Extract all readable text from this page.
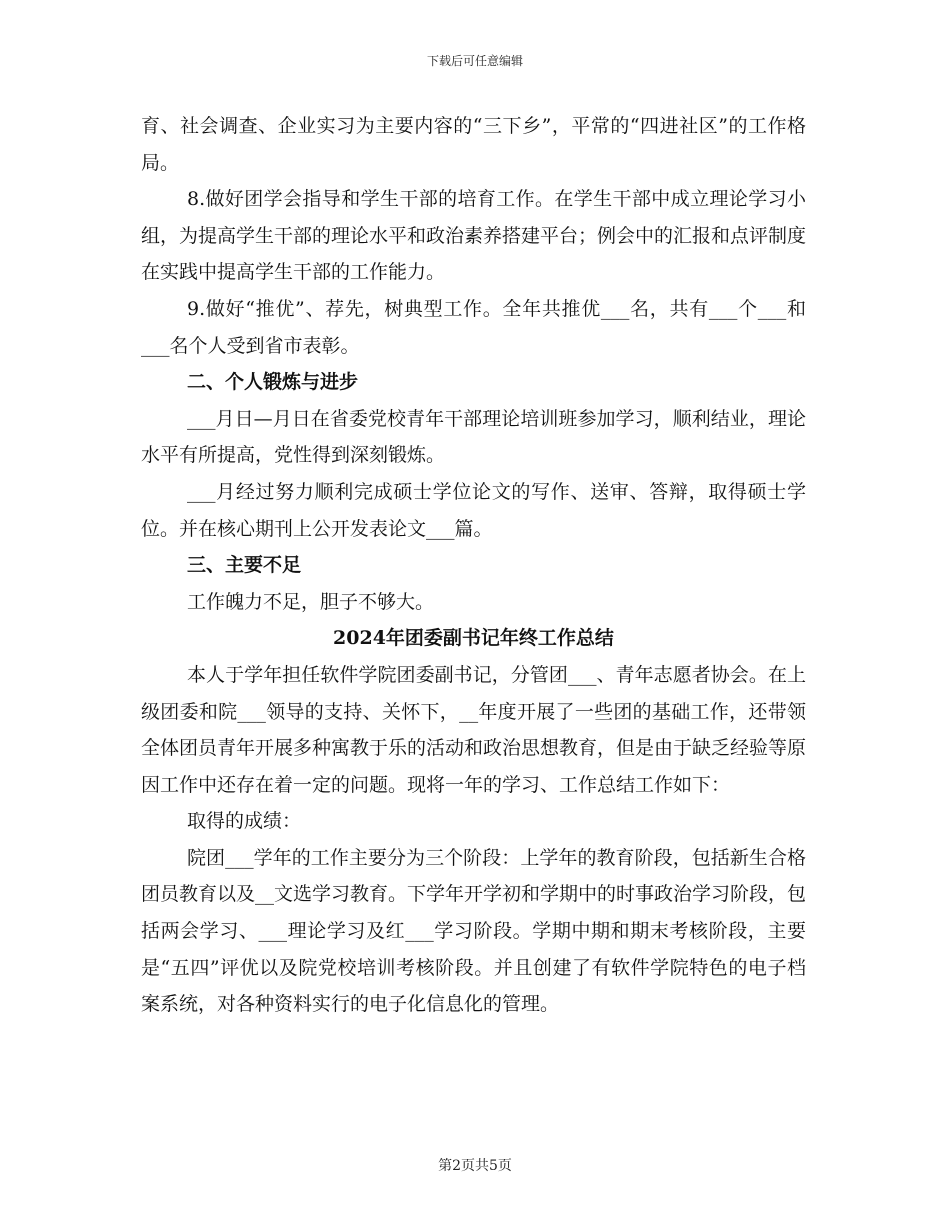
下载后可任意编辑

育、社会调查、企业实习为主要内容的“三下乡”，平常的“四进社区”的工作格局。

8.做好团学会指导和学生干部的培育工作。在学生干部中成立理论学习小组，为提高学生干部的理论水平和政治素养搭建平台；例会中的汇报和点评制度在实践中提高学生干部的工作能力。

9.做好“推优”、荐先，树典型工作。全年共推优___名，共有___个___和___名个人受到省市表彰。

二、个人锻炼与进步

___月日—月日在省委党校青年干部理论培训班参加学习，顺利结业，理论水平有所提高，党性得到深刻锻炼。

___月经过努力顺利完成硕士学位论文的写作、送审、答辩，取得硕士学位。并在核心期刊上公开发表论文___篇。

三、主要不足

工作魄力不足，胆子不够大。

2024年团委副书记年终工作总结

本人于学年担任软件学院团委副书记，分管团___、青年志愿者协会。在上级团委和院___领导的支持、关怀下，__年度开展了一些团的基础工作，还带领全体团员青年开展多种寓教于乐的活动和政治思想教育，但是由于缺乏经验等原因工作中还存在着一定的问题。现将一年的学习、工作总结工作如下：

取得的成绩：

院团___学年的工作主要分为三个阶段：上学年的教育阶段，包括新生合格团员教育以及__文选学习教育。下学年开学初和学期中的时事政治学习阶段，包括两会学习、___理论学习及红___学习阶段。学期中期和期末考核阶段，主要是“五四”评优以及院党校培训考核阶段。并且创建了有软件学院特色的电子档案系统，对各种资料实行的电子化信息化的管理。

第2页共5页
